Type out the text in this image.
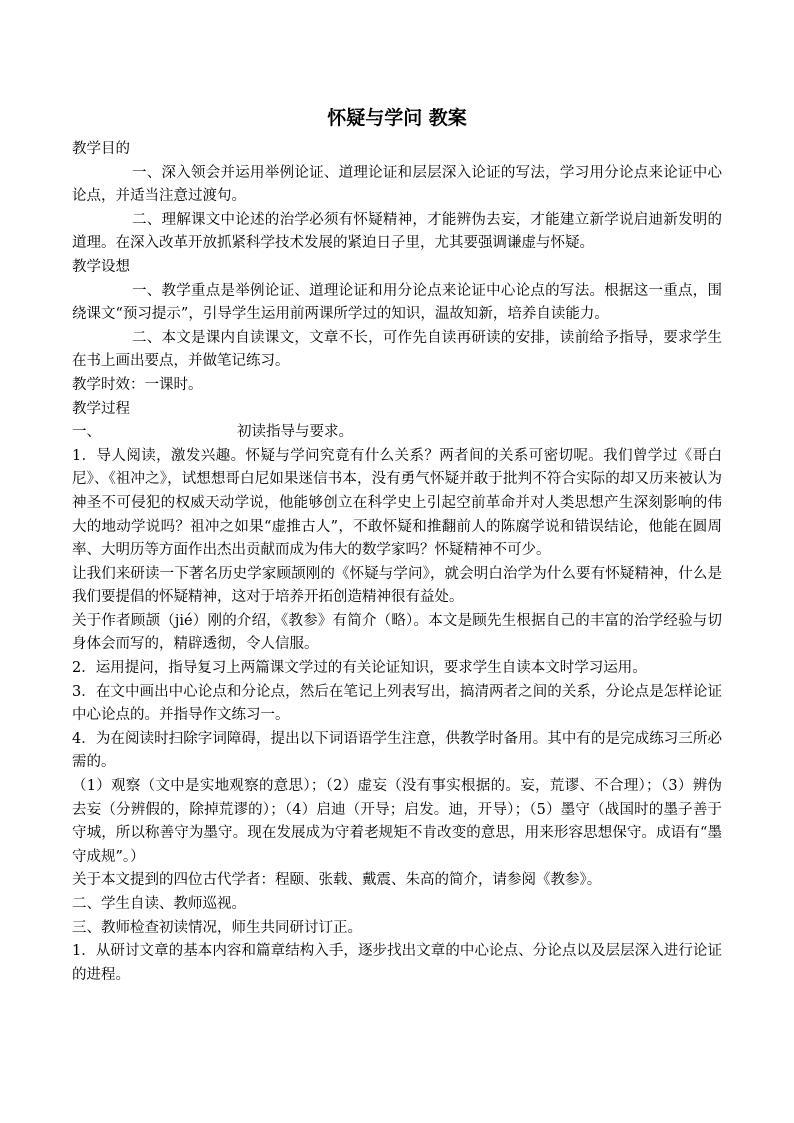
怀疑与学问 教案

教学目的

一、深入领会并运用举例论证、道理论证和层层深入论证的写法，学习用分论点来论证中心论点，并适当注意过渡句。

二、理解课文中论述的治学必须有怀疑精神，才能辨伪去妄，才能建立新学说启迪新发明的道理。在深入改革开放抓紧科学技术发展的紧迫日子里，尤其要强调谦虚与怀疑。

教学设想

一、教学重点是举例论证、道理论证和用分论点来论证中心论点的写法。根据这一重点，围绕课文“预习提示”，引导学生运用前两课所学过的知识，温故知新，培养自读能力。

二、本文是课内自读课文，文章不长，可作先自读再研读的安排，读前给予指导，要求学生在书上画出要点，并做笔记练习。

教学时效：一课时。

教学过程

一、	初读指导与要求。

1．导人阅读，激发兴趣。怀疑与学问究竟有什么关系？两者间的关系可密切呢。我们曾学过《哥白尼》、《祖冲之》，试想想哥白尼如果迷信书本，没有勇气怀疑并敢于批判不符合实际的却又历来被认为神圣不可侵犯的权威天动学说，他能够创立在科学史上引起空前革命并对人类思想产生深刻影响的伟大的地动学说吗？祖冲之如果“虚推古人”，不敢怀疑和推翻前人的陈腐学说和错误结论，他能在圆周率、大明历等方面作出杰出贡献而成为伟大的数学家吗？怀疑精神不可少。

让我们来研读一下著名历史学家顾颉刚的《怀疑与学问》，就会明白治学为什么要有怀疑精神，什么是我们要提倡的怀疑精神，这对于培养开拓创造精神很有益处。

关于作者顾颉（jié）刚的介绍，《教参》有简介（略）。本文是顾先生根据自己的丰富的治学经验与切身体会而写的，精辟透彻，令人信服。

2．运用提问，指导复习上两篇课文学过的有关论证知识，要求学生自读本文时学习运用。

3．在文中画出中心论点和分论点，然后在笔记上列表写出，搞清两者之间的关系，分论点是怎样论证中心论点的。并指导作文练习一。

4．为在阅读时扫除字词障碍，提出以下词语语学生注意，供教学时备用。其中有的是完成练习三所必需的。

（1）观察（文中是实地观察的意思）；（2）虚妄（没有事实根据的。妄，荒谬、不合理）；（3）辨伪去妄（分辨假的，除掉荒谬的）；（4）启迪（开导；启发。迪，开导）；（5）墨守（战国时的墨子善于守城，所以称善守为墨守。现在发展成为守着老规矩不肯改变的意思，用来形容思想保守。成语有“墨守成规”。）

关于本文提到的四位古代学者：程颐、张载、戴震、朱高的简介，请参阅《教参》。

二、学生自读、教师巡视。

三、教师检查初读情况，师生共同研讨订正。

1．从研讨文章的基本内容和篇章结构入手，逐步找出文章的中心论点、分论点以及层层深入进行论证的进程。
